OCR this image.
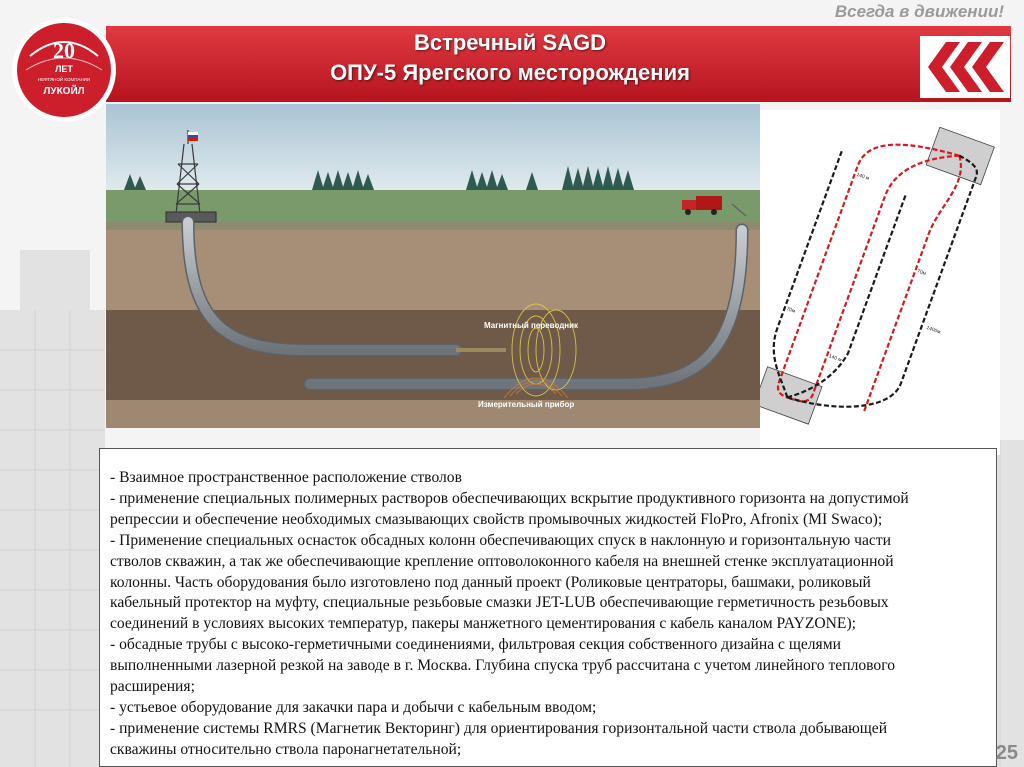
Всегда в движении!
Встречный SAGD
ОПУ-5 Ярегского месторождения
20
ЛЕТ
НЕФТЯНОЙ КОМПАНИИ
ЛУКОЙЛ
Магнитный переводник
Измерительный прибор
140 м
70м
1400м
70м
140 м

- Взаимное пространственное расположение стволов

- применение специальных полимерных растворов обеспечивающих вскрытие продуктивного горизонта на допустимой

репрессии и обеспечение необходимых смазывающих свойств промывочных жидкостей FloPro, Afronix (MI Swaco);

- Применение специальных оснасток обсадных колонн обеспечивающих спуск в наклонную и горизонтальную части

стволов скважин, а так же обеспечивающие крепление оптоволоконного кабеля на внешней стенке эксплуатационной

колонны. Часть оборудования было изготовлено под данный проект (Роликовые центраторы, башмаки, роликовый

кабельный протектор на муфту, специальные резьбовые смазки JET-LUB обеспечивающие герметичность резьбовых

соединений в условиях высоких температур, пакеры манжетного цементирования с кабель каналом PAYZONE);

- обсадные трубы с высоко-герметичными соединениями, фильтровая секция собственного дизайна с щелями

выполненными лазерной резкой на заводе в г. Москва. Глубина спуска труб рассчитана с учетом линейного теплового

расширения;

- устьевое оборудование для закачки пара и добычи с кабельным вводом;

- применение системы RMRS (Магнетик Векторинг) для ориентирования горизонтальной части ствола добывающей

скважины относительно ствола паронагнетательной;	25
